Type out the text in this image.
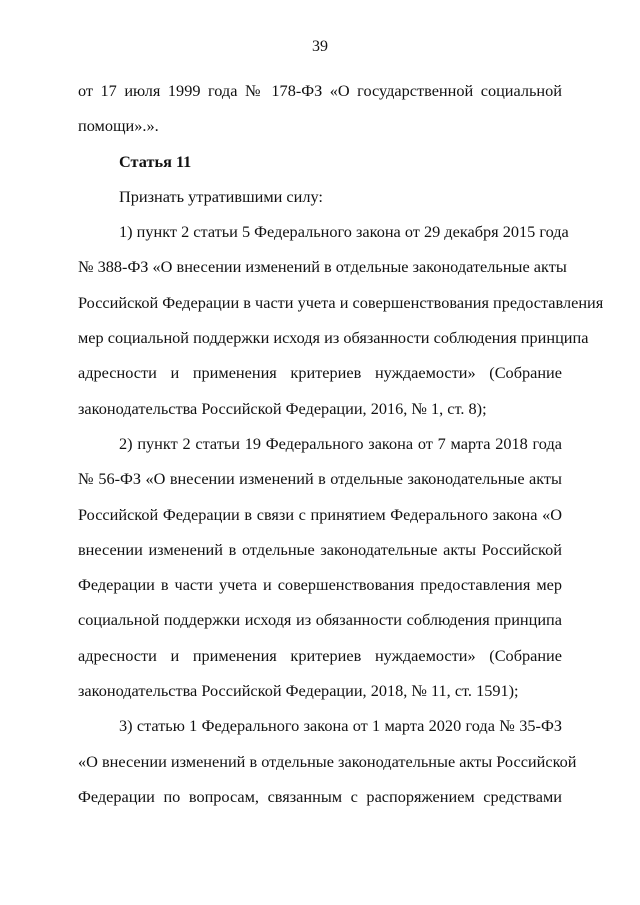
39
от 17 июля 1999 года № 178-ФЗ «О государственной социальной
помощи».».
Статья 11
Признать утратившими силу:
1) пункт 2 статьи 5 Федерального закона от 29 декабря 2015 года
№ 388-ФЗ «О внесении изменений в отдельные законодательные акты
Российской Федерации в части учета и совершенствования предоставления
мер социальной поддержки исходя из обязанности соблюдения принципа
адресности и применения критериев нуждаемости» (Собрание
законодательства Российской Федерации, 2016, № 1, ст. 8);
2) пункт 2 статьи 19 Федерального закона от 7 марта 2018 года
№ 56-ФЗ «О внесении изменений в отдельные законодательные акты
Российской Федерации в связи с принятием Федерального закона «О
внесении изменений в отдельные законодательные акты Российской
Федерации в части учета и совершенствования предоставления мер
социальной поддержки исходя из обязанности соблюдения принципа
адресности и применения критериев нуждаемости» (Собрание
законодательства Российской Федерации, 2018, № 11, ст. 1591);
3) статью 1 Федерального закона от 1 марта 2020 года № 35-ФЗ
«О внесении изменений в отдельные законодательные акты Российской
Федерации по вопросам, связанным с распоряжением средствами
